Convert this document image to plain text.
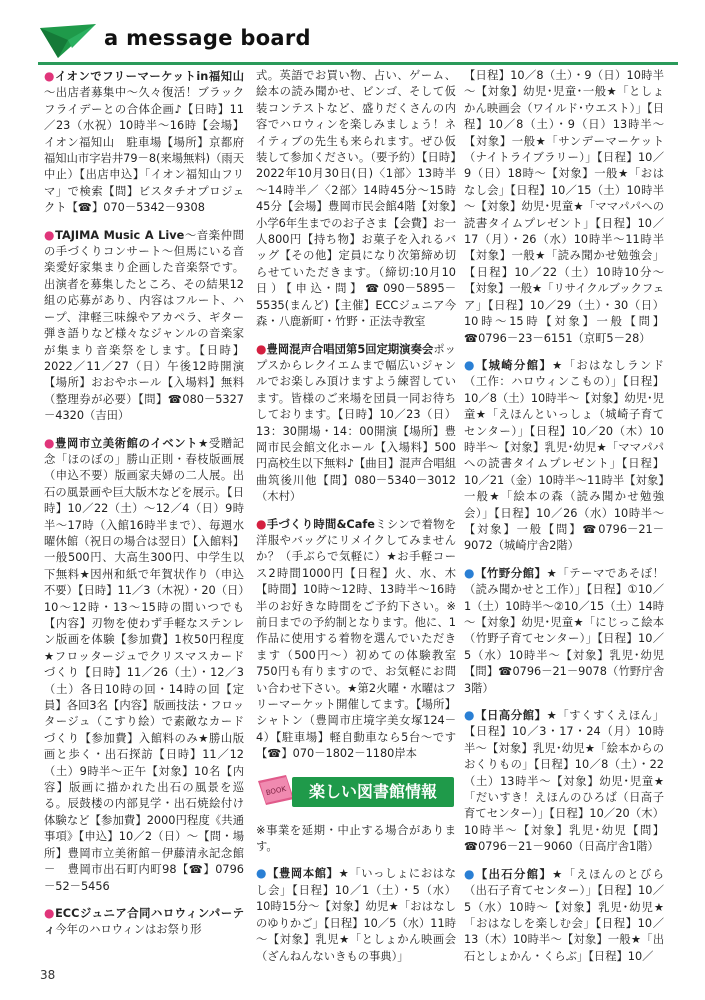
a message board

●イオンでフリーマーケットin福知山～出店者募集中～久々復活！ブラックフライデーとの合体企画♪【日時】11／23（水祝）10時半～16時【会場】イオン福知山　駐車場【場所】京都府福知山市字岩井79－8(来場無料)（雨天中止）【出店申込】「イオン福知山フリマ」で検索【問】ビスタチオプロジェクト【☎】070－5342－9308

●TAJIMA Music A Live～音楽仲間の手づくりコンサート～但馬にいる音楽愛好家集まり企画した音楽祭です。出演者を募集したところ、その結果12組の応募があり、内容はフルート、ハープ、津軽三味線やアカペラ、ギター弾き語りなど様々なジャンルの音楽家が集まり音楽祭をします。【日時】2022／11／27（日）午後12時開演【場所】おおやホール【入場料】無料（整理券が必要）【問】☎080－5327－4320（吉田）

●豊岡市立美術館のイベント★受贈記念「ほのぼの」勝山正則・春枝版画展（申込不要）版画家夫婦の二人展。出石の風景画や巨大版木などを展示。【日時】10／22（土）～12／4（日）9時半～17時（入館16時半まで）、毎週水曜休館（祝日の場合は翌日）【入館料】一般500円、大高生300円、中学生以下無料★因州和紙で年賀状作り（申込不要）【日時】11／3（木祝）・20（日）10～12時・13～15時の間いつでも【内容】刃物を使わず手軽なステンレン版画を体験【参加費】1枚50円程度★フロッタージュでクリスマスカードづくり【日時】11／26（土）・12／3（土）各日10時の回・14時の回【定員】各回3名【内容】版画技法・フロッタージュ（こすり絵）で素敵なカードづくり【参加費】入館料のみ★勝山版画と歩く・出石探訪【日時】11／12（土）9時半～正午【対象】10名【内容】版画に描かれた出石の風景を巡る。辰鼓楼の内部見学・出石焼絵付け体験など【参加費】2000円程度《共通事項》【申込】10／2（日）～【問・場所】豊岡市立美術館－伊藤清永記念館－　豊岡市出石町内町98【☎】0796－52－5456

●ECCジュニア合同ハロウィンパーティ今年のハロウィンはお祭り形

式。英語でお買い物、占い、ゲーム、絵本の読み聞かせ、ビンゴ、そして仮装コンテストなど、盛りだくさんの内容でハロウィンを楽しみましょう！ネイティブの先生も来られます。ぜひ仮装して参加ください。（要予約）【日時】2022年10月30日(日)〈1部〉13時半～14時半／〈2部〉14時45分～15時45分【会場】豊岡市民会館4階【対象】小学6年生までのお子さま【会費】お一人800円【持ち物】お菓子を入れるバッグ【その他】定員になり次第締め切らせていただきます。（締切:10月10日）【申込･問】☎090－5895－5535(まんど)【主催】ECCジュニア今森・八鹿新町・竹野・正法寺教室

●豊岡混声合唱団第5回定期演奏会ポップスからレクイエムまで幅広いジャンルでお楽しみ頂けますよう練習しています。皆様のご来場を団員一同お待ちしております。【日時】10／23（日）13：30開場・14：00開演【場所】豊岡市民会館文化ホール【入場料】500円高校生以下無料♪【曲目】混声合唱組曲筑後川他【問】080－5340－3012（木村）

●手づくり時間&Cafeミシンで着物を洋服やバッグにリメイクしてみませんか？（手ぶらで気軽に）★お手軽コース2時間1000円【日程】火、水、木【時間】10時～12時、13時半～16時半のお好きな時間をご予約下さい。※前日までの予約制となります。他に、1作品に使用する着物を選んでいただきます（500円～）初めての体験教室750円も有りますので、お気軽にお問い合わせ下さい。★第2火曜・水曜はフリーマーケット開催してます。【場所】シャトン（豊岡市庄境字美女塚124－4）【駐車場】軽自動車なら5台～です【☎】070－1802－1180岸本

BOOK	楽しい図書館情報

※事業を延期・中止する場合があります。

●【豊岡本館】★「いっしょにおはなし会」【日程】10／1（土）・5（水）10時15分～【対象】幼児★「おはなしのゆりかご」【日程】10／5（水）11時～【対象】乳児★「としょかん映画会（ざんねんないきもの事典）」

【日程】10／8（土）・9（日）10時半～【対象】幼児･児童･一般★「としょかん映画会（ワイルド･ウエスト）」【日程】10／8（土）・9（日）13時半～【対象】一般★「サンデーマーケット（ナイトライブラリー）」【日程】10／9（日）18時～【対象】一般★「おはなし会」【日程】10／15（土）10時半～【対象】幼児･児童★「ママパパへの読書タイムプレゼント」【日程】10／17（月）・26（水）10時半～11時半【対象】一般★「読み聞かせ勉強会」【日程】10／22（土）10時10分～【対象】一般★「リサイクルブックフェア」【日程】10／29（土）・30（日）10時～15時【対象】一般【問】☎0796－23－6151（京町5－28）

●【城崎分館】★「おはなしランド（工作：ハロウィンこもの）」【日程】10／8（土）10時半～【対象】幼児･児童★「えほんといっしょ（城崎子育てセンター）」【日程】10／20（木）10時半～【対象】乳児･幼児★「ママパパへの読書タイムプレゼント」【日程】10／21（金）10時半～11時半【対象】一般★「絵本の森（読み聞かせ勉強会）」【日程】10／26（水）10時半～【対象】一般【問】☎0796－21－9072（城崎庁舎2階）

●【竹野分館】★「テーマであそぼ！（読み聞かせと工作）」【日程】①10／1（土）10時半～②10／15（土）14時～【対象】幼児･児童★「にじっこ絵本（竹野子育てセンター）」【日程】10／5（水）10時半～【対象】乳児･幼児【問】☎0796－21－9078（竹野庁舎3階）

●【日高分館】★「すくすくえほん」【日程】10／3・17・24（月）10時半～【対象】乳児･幼児★「絵本からのおくりもの」【日程】10／8（土）・22（土）13時半～【対象】幼児･児童★「だいすき！えほんのひろば（日高子育てセンター）」【日程】10／20（木）10時半～【対象】乳児･幼児【問】☎0796－21－9060（日高庁舎1階）

●【出石分館】★「えほんのとびら（出石子育てセンター）」【日程】10／5（水）10時～【対象】乳児･幼児★「おはなしを楽しむ会」【日程】10／13（木）10時半～【対象】一般★「出石としょかん・くらぶ」【日程】10／

38
